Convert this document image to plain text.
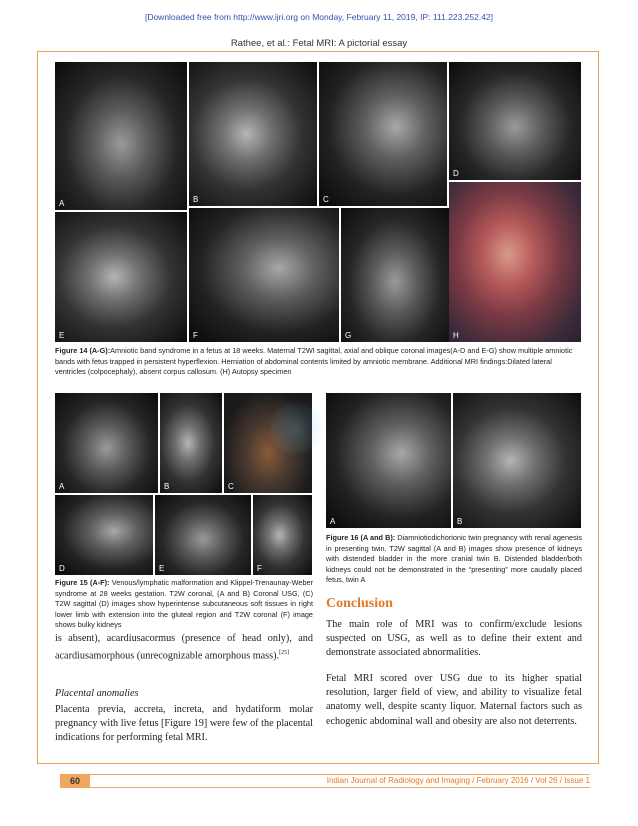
[Downloaded free from http://www.ijri.org on Monday, February 11, 2019, IP: 111.223.252.42]
Rathee, et al.: Fetal MRI: A pictorial essay
A	B	C
D
E	F	G	H
Figure 14 (A-G):Amniotic band syndrome in a fetus at 18 weeks. Maternal T2WI sagittal, axial and oblique coronal images(A-D and E-G) show multiple amniotic bands with fetus trapped in persistent hyperflexion. Herniation of abdominal contents limited by amniotic membrane. Additional MRI findings:Dilated lateral ventricles (colpocephaly), absent corpus callosum. (H) Autopsy specimen
A	B	C
D	E	F
Figure 15 (A-F): Venous/lymphatic malformation and Klippel-Trenaunay-Weber syndrome at 28 weeks gestation. T2W coronal, (A and B) Coronal USG, (C) T2W sagittal (D) images show hyperintense subcutaneous soft tissues in right lower limb with extension into the gluteal region and T2W coronal (F) image shows bulky kidneys
A	B
Figure 16 (A and B): Diamnioticdichorionic twin pregnancy with renal agenesis in presenting twin. T2W sagittal (A and B) images show presence of kidneys with distended bladder in the more cranial twin B. Distended bladder/both kidneys could not be demonstrated in the “presenting” more caudally placed fetus, twin A
is absent), acardiusacormus (presence of head only), and acardiusamorphous (unrecognizable amorphous mass).[25]
Placental anomalies
Placenta previa, accreta, increta, and hydatiform molar pregnancy with live fetus [Figure 19] were few of the placental indications for performing fetal MRI.
Conclusion
The main role of MRI was to confirm/exclude lesions suspected on USG, as well as to define their extent and demonstrate associated abnormalities.
Fetal MRI scored over USG due to its higher spatial resolution, larger field of view, and ability to visualize fetal anatomy well, despite scanty liquor. Maternal factors such as echogenic abdominal wall and obesity are also not deterrents.
60	Indian Journal of Radiology and Imaging / February 2016 / Vol 26 / Issue 1
